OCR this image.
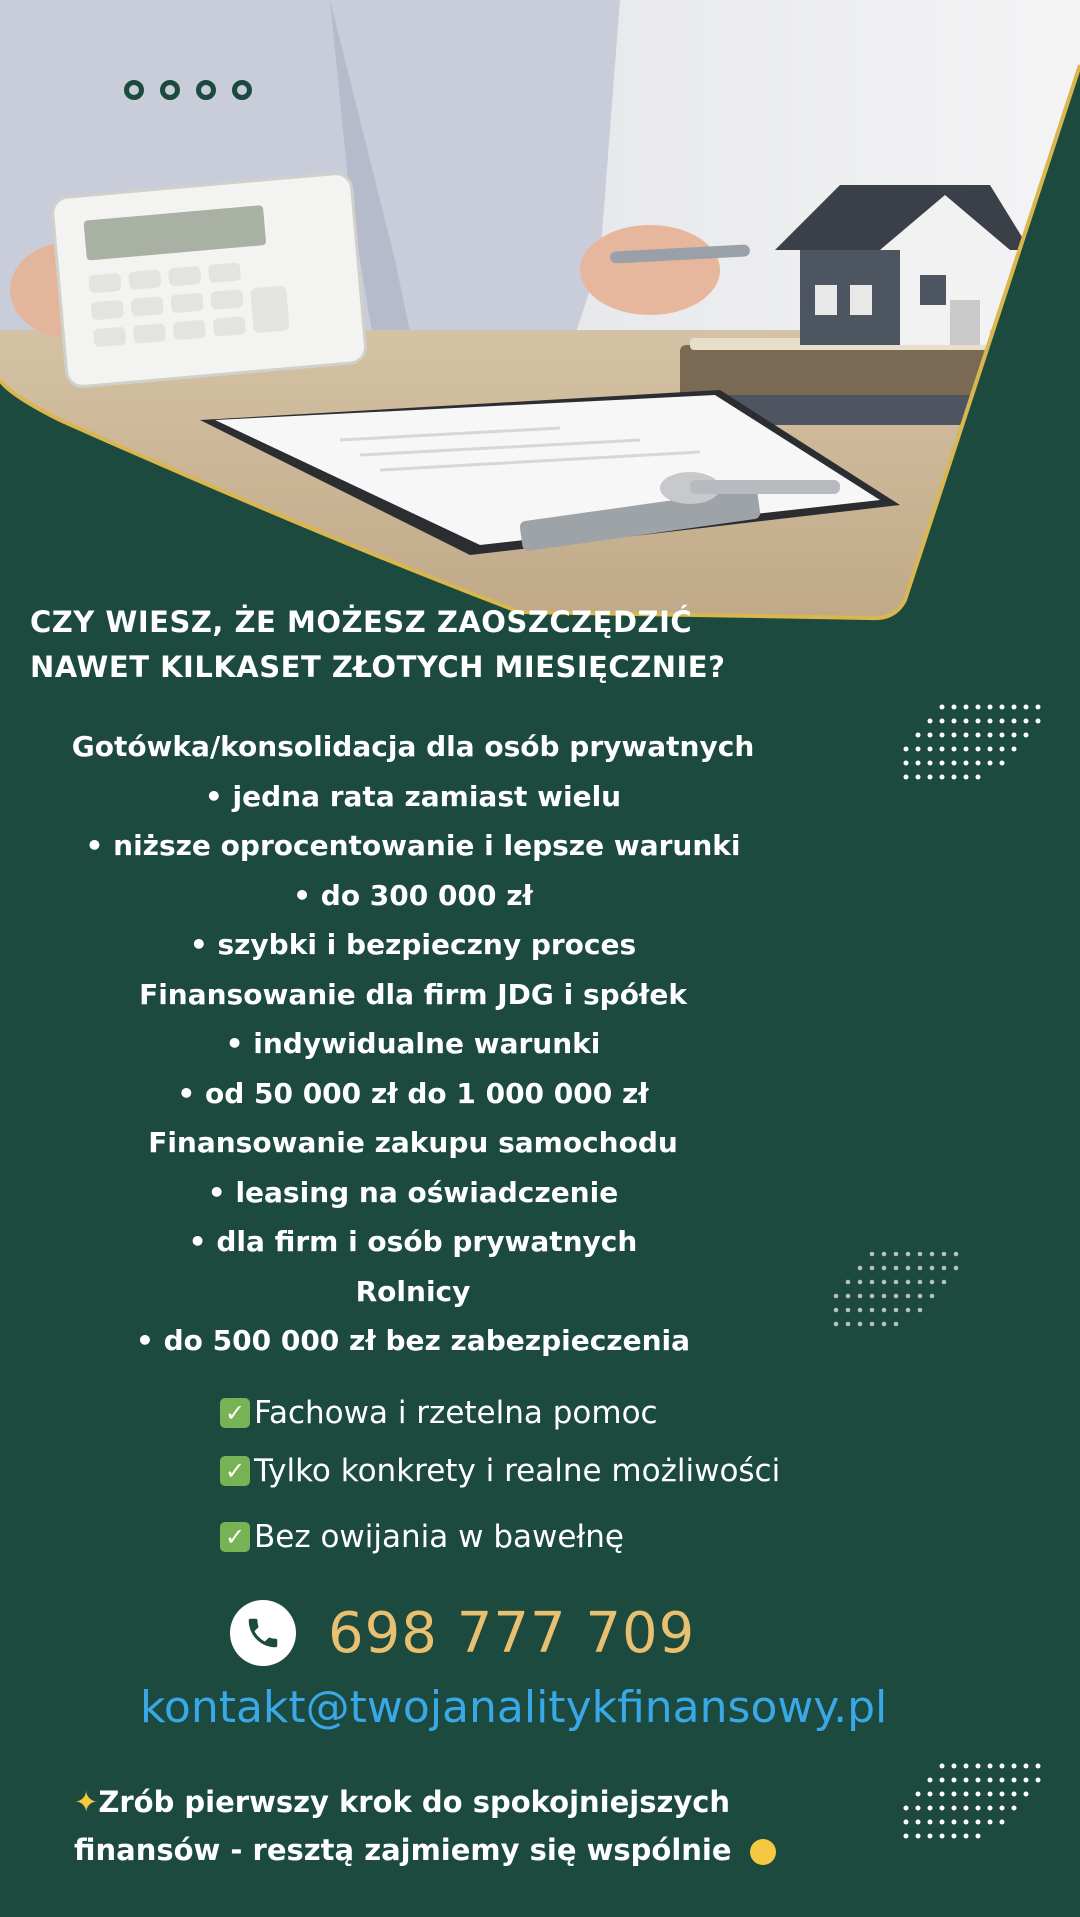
CZY WIESZ, ŻE MOŻESZ ZAOSZCZĘDZIĆ
NAWET KILKASET ZŁOTYCH MIESIĘCZNIE?
Gotówka/konsolidacja dla osób prywatnych
• jedna rata zamiast wielu
• niższe oprocentowanie i lepsze warunki
• do 300 000 zł
• szybki i bezpieczny proces
Finansowanie dla firm JDG i spółek
• indywidualne warunki
• od 50 000 zł do 1 000 000 zł
Finansowanie zakupu samochodu
• leasing na oświadczenie
• dla firm i osób prywatnych
Rolnicy
• do 500 000 zł bez zabezpieczenia
✓ Fachowa i rzetelna pomoc
✓ Tylko konkrety i realne możliwości
✓ Bez owijania w bawełnę
698 777 709
kontakt@twojanalitykfinansowy.pl
✦Zrób pierwszy krok do spokojniejszych
finansów - resztą zajmiemy się wspólnie
